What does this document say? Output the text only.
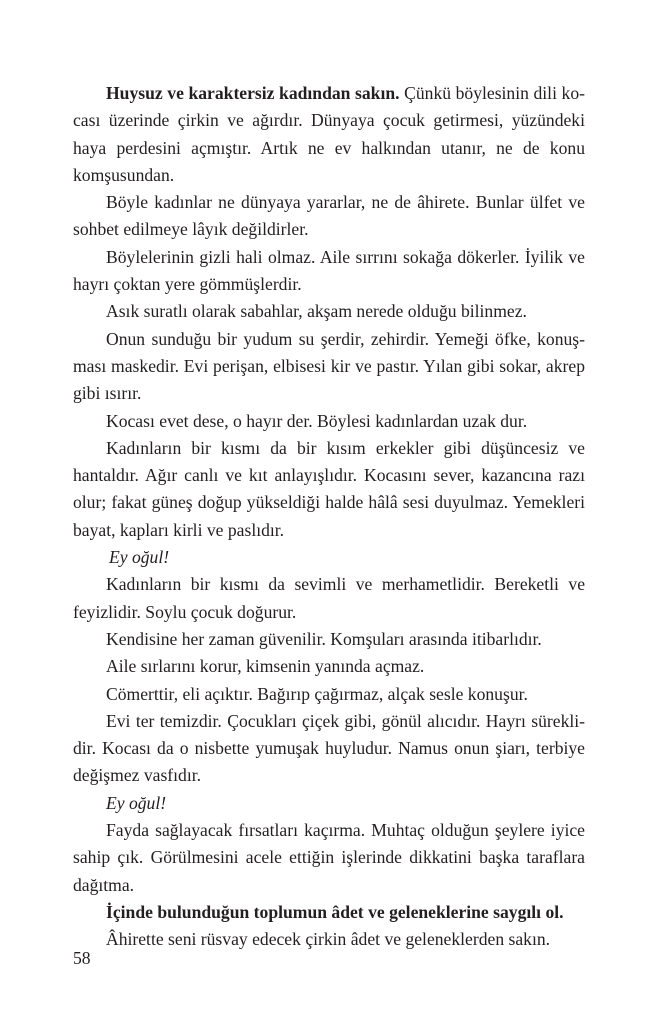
Huysuz ve karaktersiz kadından sakın. Çünkü böylesinin dili kocası üzerinde çirkin ve ağırdır. Dünyaya çocuk getirmesi, yüzündeki haya perdesini açmıştır. Artık ne ev halkından utanır, ne de konu komşusundan.

Böyle kadınlar ne dünyaya yararlar, ne de âhirete. Bunlar ülfet ve sohbet edilmeye lâyık değildirler.

Böylelerinin gizli hali olmaz. Aile sırrını sokağa dökerler. İyilik ve hayrı çoktan yere gömmüşlerdir.

Asık suratlı olarak sabahlar, akşam nerede olduğu bilinmez.

Onun sunduğu bir yudum su şerdir, zehirdir. Yemeği öfke, konuşması maskedir. Evi perişan, elbisesi kir ve pastır. Yılan gibi sokar, akrep gibi ısırır.

Kocası evet dese, o hayır der. Böylesi kadınlardan uzak dur.

Kadınların bir kısmı da bir kısım erkekler gibi düşüncesiz ve hantaldır. Ağır canlı ve kıt anlayışlıdır. Kocasını sever, kazancına razı olur; fakat güneş doğup yükseldiği halde hâlâ sesi duyulmaz. Yemekleri bayat, kapları kirli ve paslıdır.

Ey oğul!

Kadınların bir kısmı da sevimli ve merhametlidir. Bereketli ve feyizlidir. Soylu çocuk doğurur.

Kendisine her zaman güvenilir. Komşuları arasında itibarlıdır.

Aile sırlarını korur, kimsenin yanında açmaz.

Cömerttir, eli açıktır. Bağırıp çağırmaz, alçak sesle konuşur.

Evi ter temizdir. Çocukları çiçek gibi, gönül alıcıdır. Hayrı süreklidir. Kocası da o nisbette yumuşak huyludur. Namus onun şiarı, terbiye değişmez vasfıdır.

Ey oğul!

Fayda sağlayacak fırsatları kaçırma. Muhtaç olduğun şeylere iyice sahip çık. Görülmesini acele ettiğin işlerinde dikkatini başka taraflara dağıtma.

İçinde bulunduğun toplumun âdet ve geleneklerine saygılı ol.

Âhirette seni rüsvay edecek çirkin âdet ve geleneklerden sakın.

58
